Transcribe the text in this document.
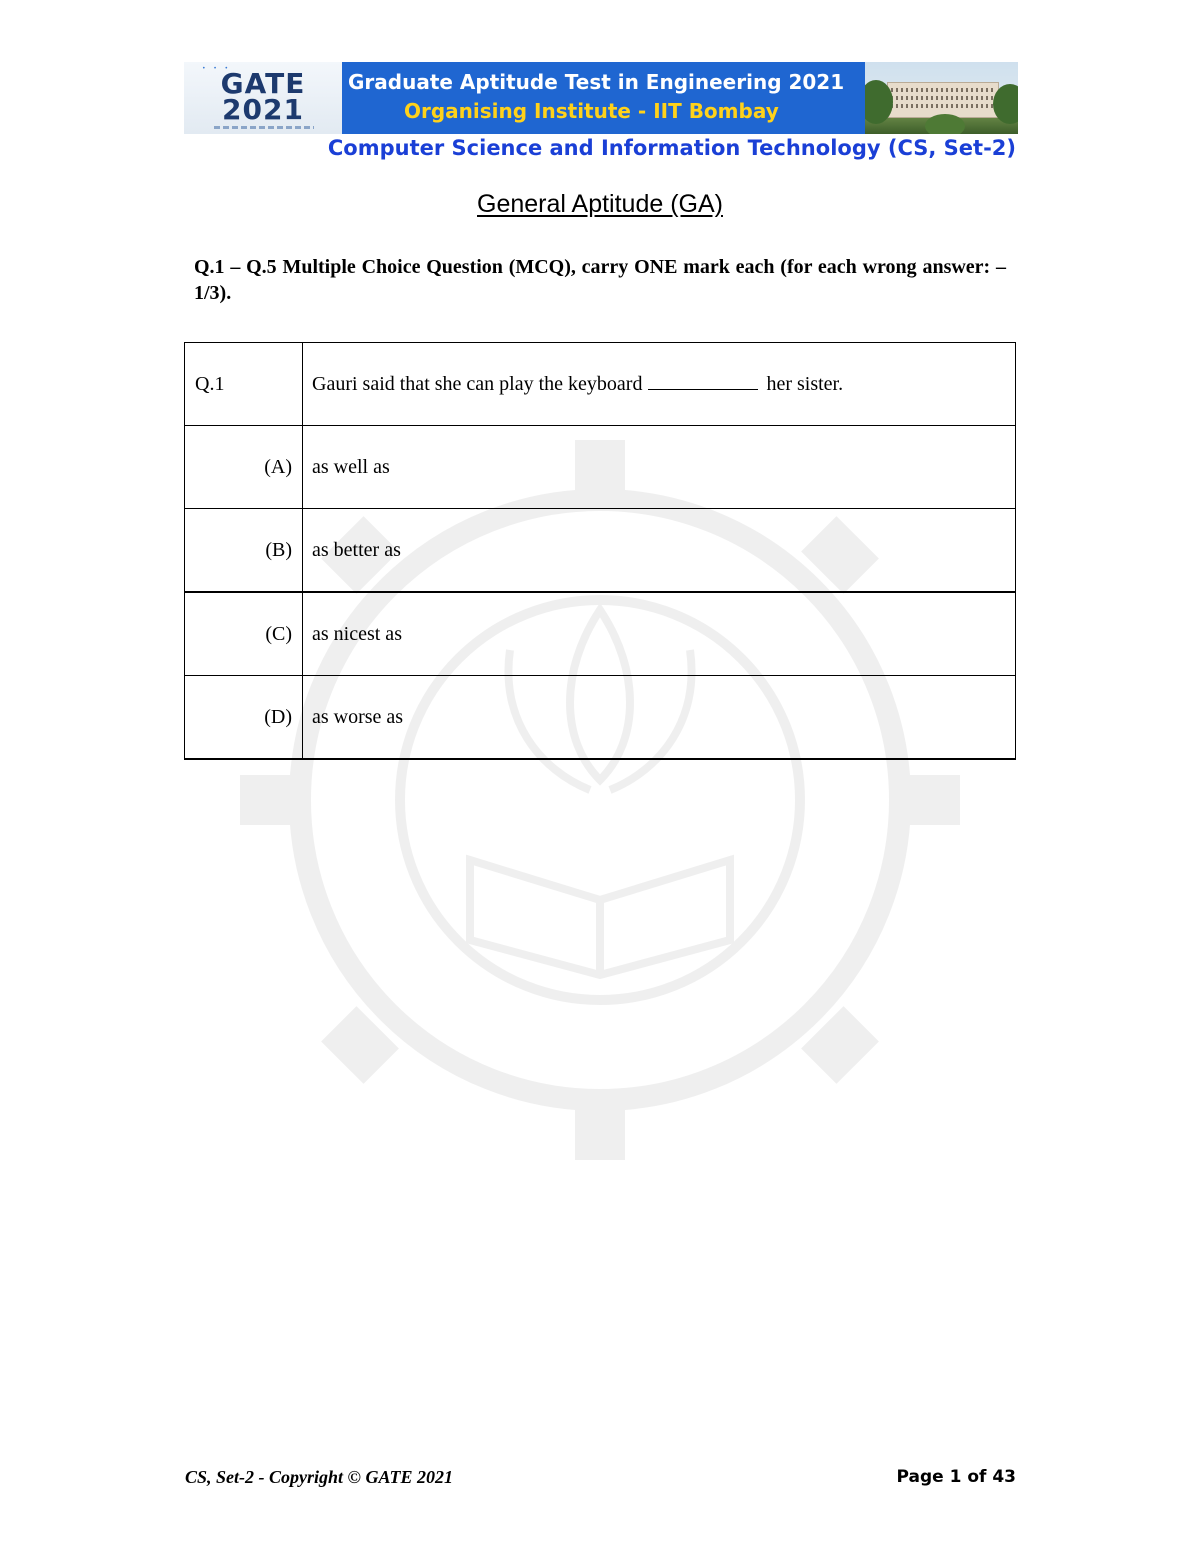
• • •
GATE
2021
Graduate Aptitude Test in Engineering 2021
Organising Institute - IIT Bombay
Computer Science and Information Technology (CS, Set-2)
General Aptitude (GA)
Q.1 – Q.5 Multiple Choice Question (MCQ), carry ONE mark each (for each wrong answer: – 1/3).
Q.1	Gauri said that she can play the keyboard her sister.
(A)	as well as
(B)	as better as
(C)	as nicest as
(D)	as worse as
CS, Set-2 - Copyright © GATE 2021	Page 1 of 43
